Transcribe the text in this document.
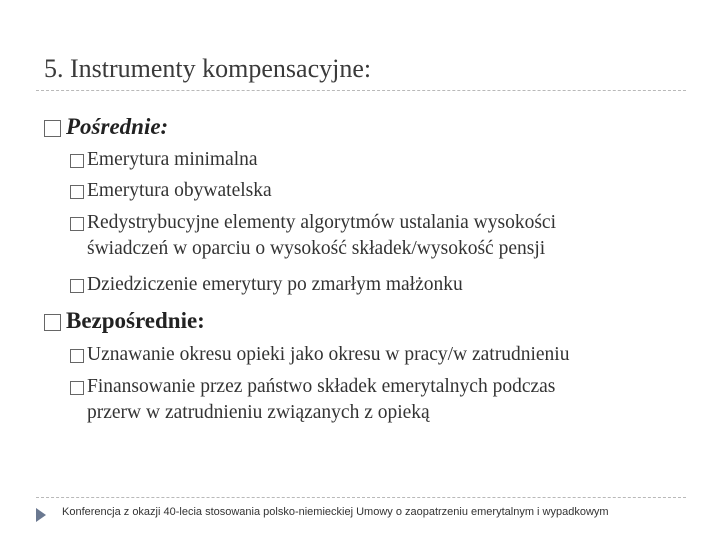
5. Instrumenty kompensacyjne:
Pośrednie:
Emerytura minimalna
Emerytura obywatelska
Redystrybucyjne elementy algorytmów ustalania wysokości
świadczeń w oparciu o wysokość składek/wysokość pensji
Dziedziczenie emerytury po zmarłym małżonku
Bezpośrednie:
Uznawanie okresu opieki jako okresu w pracy/w zatrudnieniu
Finansowanie przez państwo składek emerytalnych podczas
przerw w zatrudnieniu związanych z opieką
Konferencja z okazji 40-lecia stosowania polsko-niemieckiej Umowy o zaopatrzeniu emerytalnym i wypadkowym
